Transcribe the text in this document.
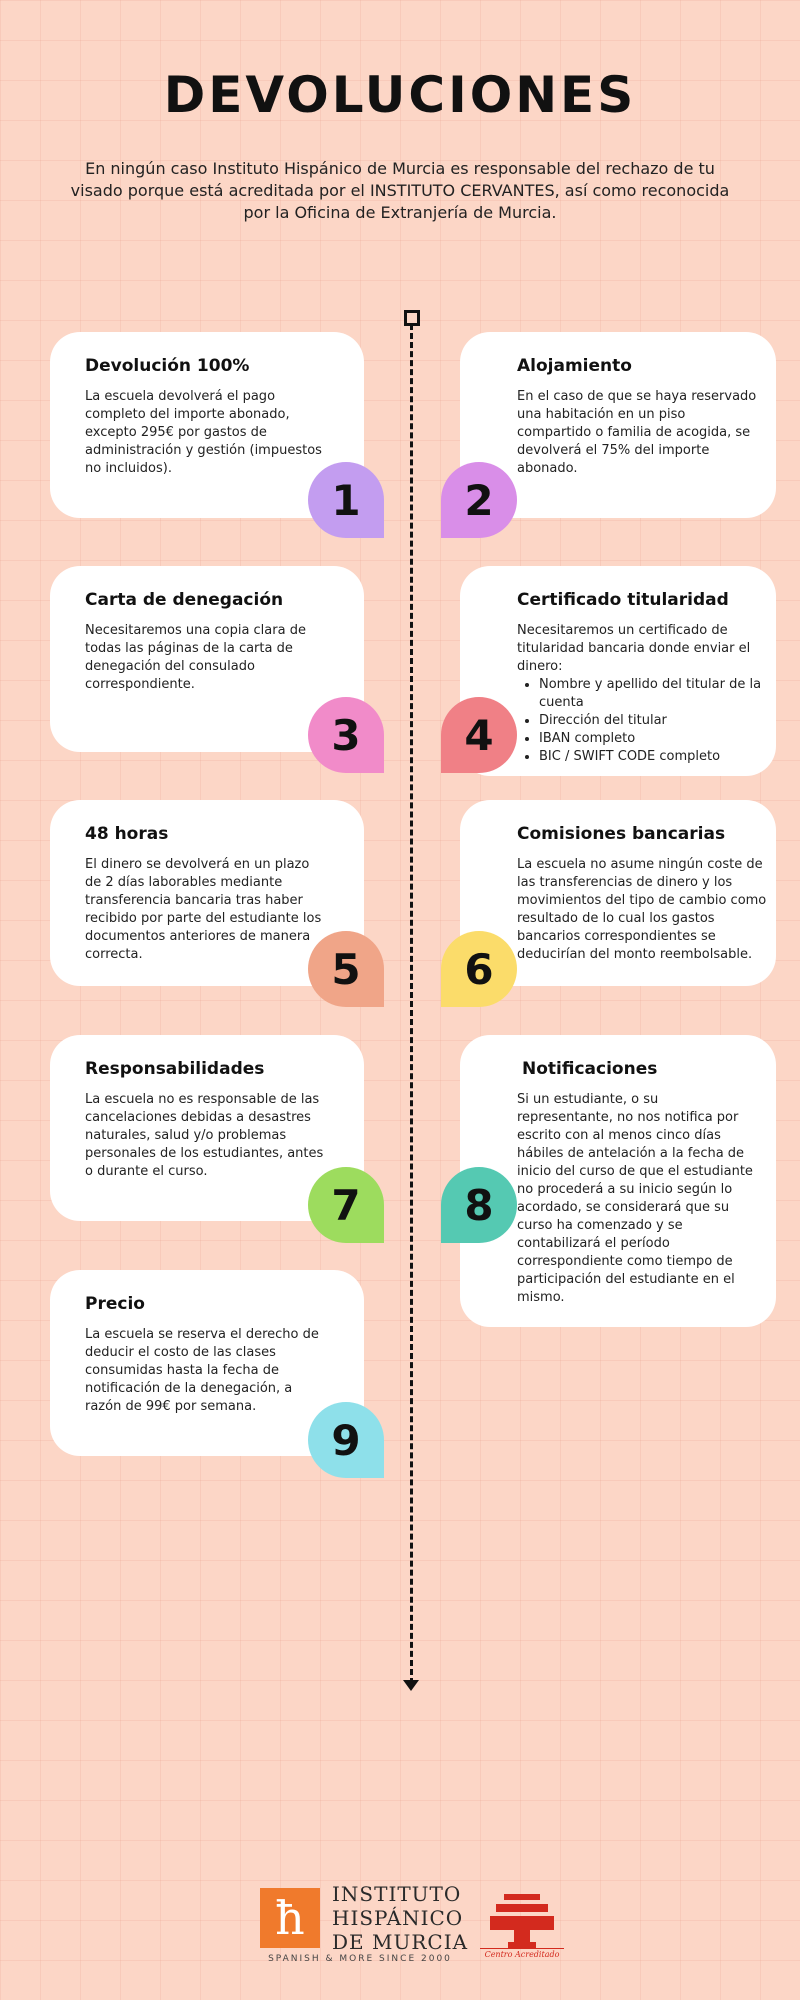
DEVOLUCIONES

En ningún caso Instituto Hispánico de Murcia es responsable del rechazo de tu visado porque está acreditada por el INSTITUTO CERVANTES, así como reconocida por la Oficina de Extranjería de Murcia.

Devolución 100%

La escuela devolverá el pago completo del importe abonado, excepto 295€ por gastos de administración y gestión (impuestos no incluidos).

1
Alojamiento

En el caso de que se haya reservado una habitación en un piso compartido o familia de acogida, se devolverá el 75% del importe abonado.

2
Carta de denegación

Necesitaremos una copia clara de todas las páginas de la carta de denegación del consulado correspondiente.

3
Certificado titularidad
Necesitaremos un certificado de titularidad bancaria donde enviar el dinero:
• Nombre y apellido del titular de la cuenta
• Dirección del titular
• IBAN completo
• BIC / SWIFT CODE completo
4
48 horas

El dinero se devolverá en un plazo de 2 días laborables mediante transferencia bancaria tras haber recibido por parte del estudiante los documentos anteriores de manera correcta.	5
Comisiones bancarias

La escuela no asume ningún coste de las transferencias de dinero y los movimientos del tipo de cambio como resultado de lo cual los gastos bancarios correspondientes se deducirían del monto reembolsable.

6
Responsabilidades

La escuela no es responsable de las cancelaciones debidas a desastres naturales, salud y/o problemas personales de los estudiantes, antes o durante el curso.

7
Notificaciones

Si un estudiante, o su representante, no nos notifica por escrito con al menos cinco días hábiles de antelación a la fecha de inicio del curso de que el estudiante no procederá a su inicio según lo acordado, se considerará que su curso ha comenzado y se contabilizará el período correspondiente como tiempo de participación del estudiante en el mismo.

8
Precio

La escuela se reserva el derecho de deducir el costo de las clases consumidas hasta la fecha de notificación de la denegación, a razón de 99€ por semana.

9
ħ INSTITUTO
HISPÁNICO
DE MURCIA
SPANISH & MORE SINCE 2000	Centro Acreditado
